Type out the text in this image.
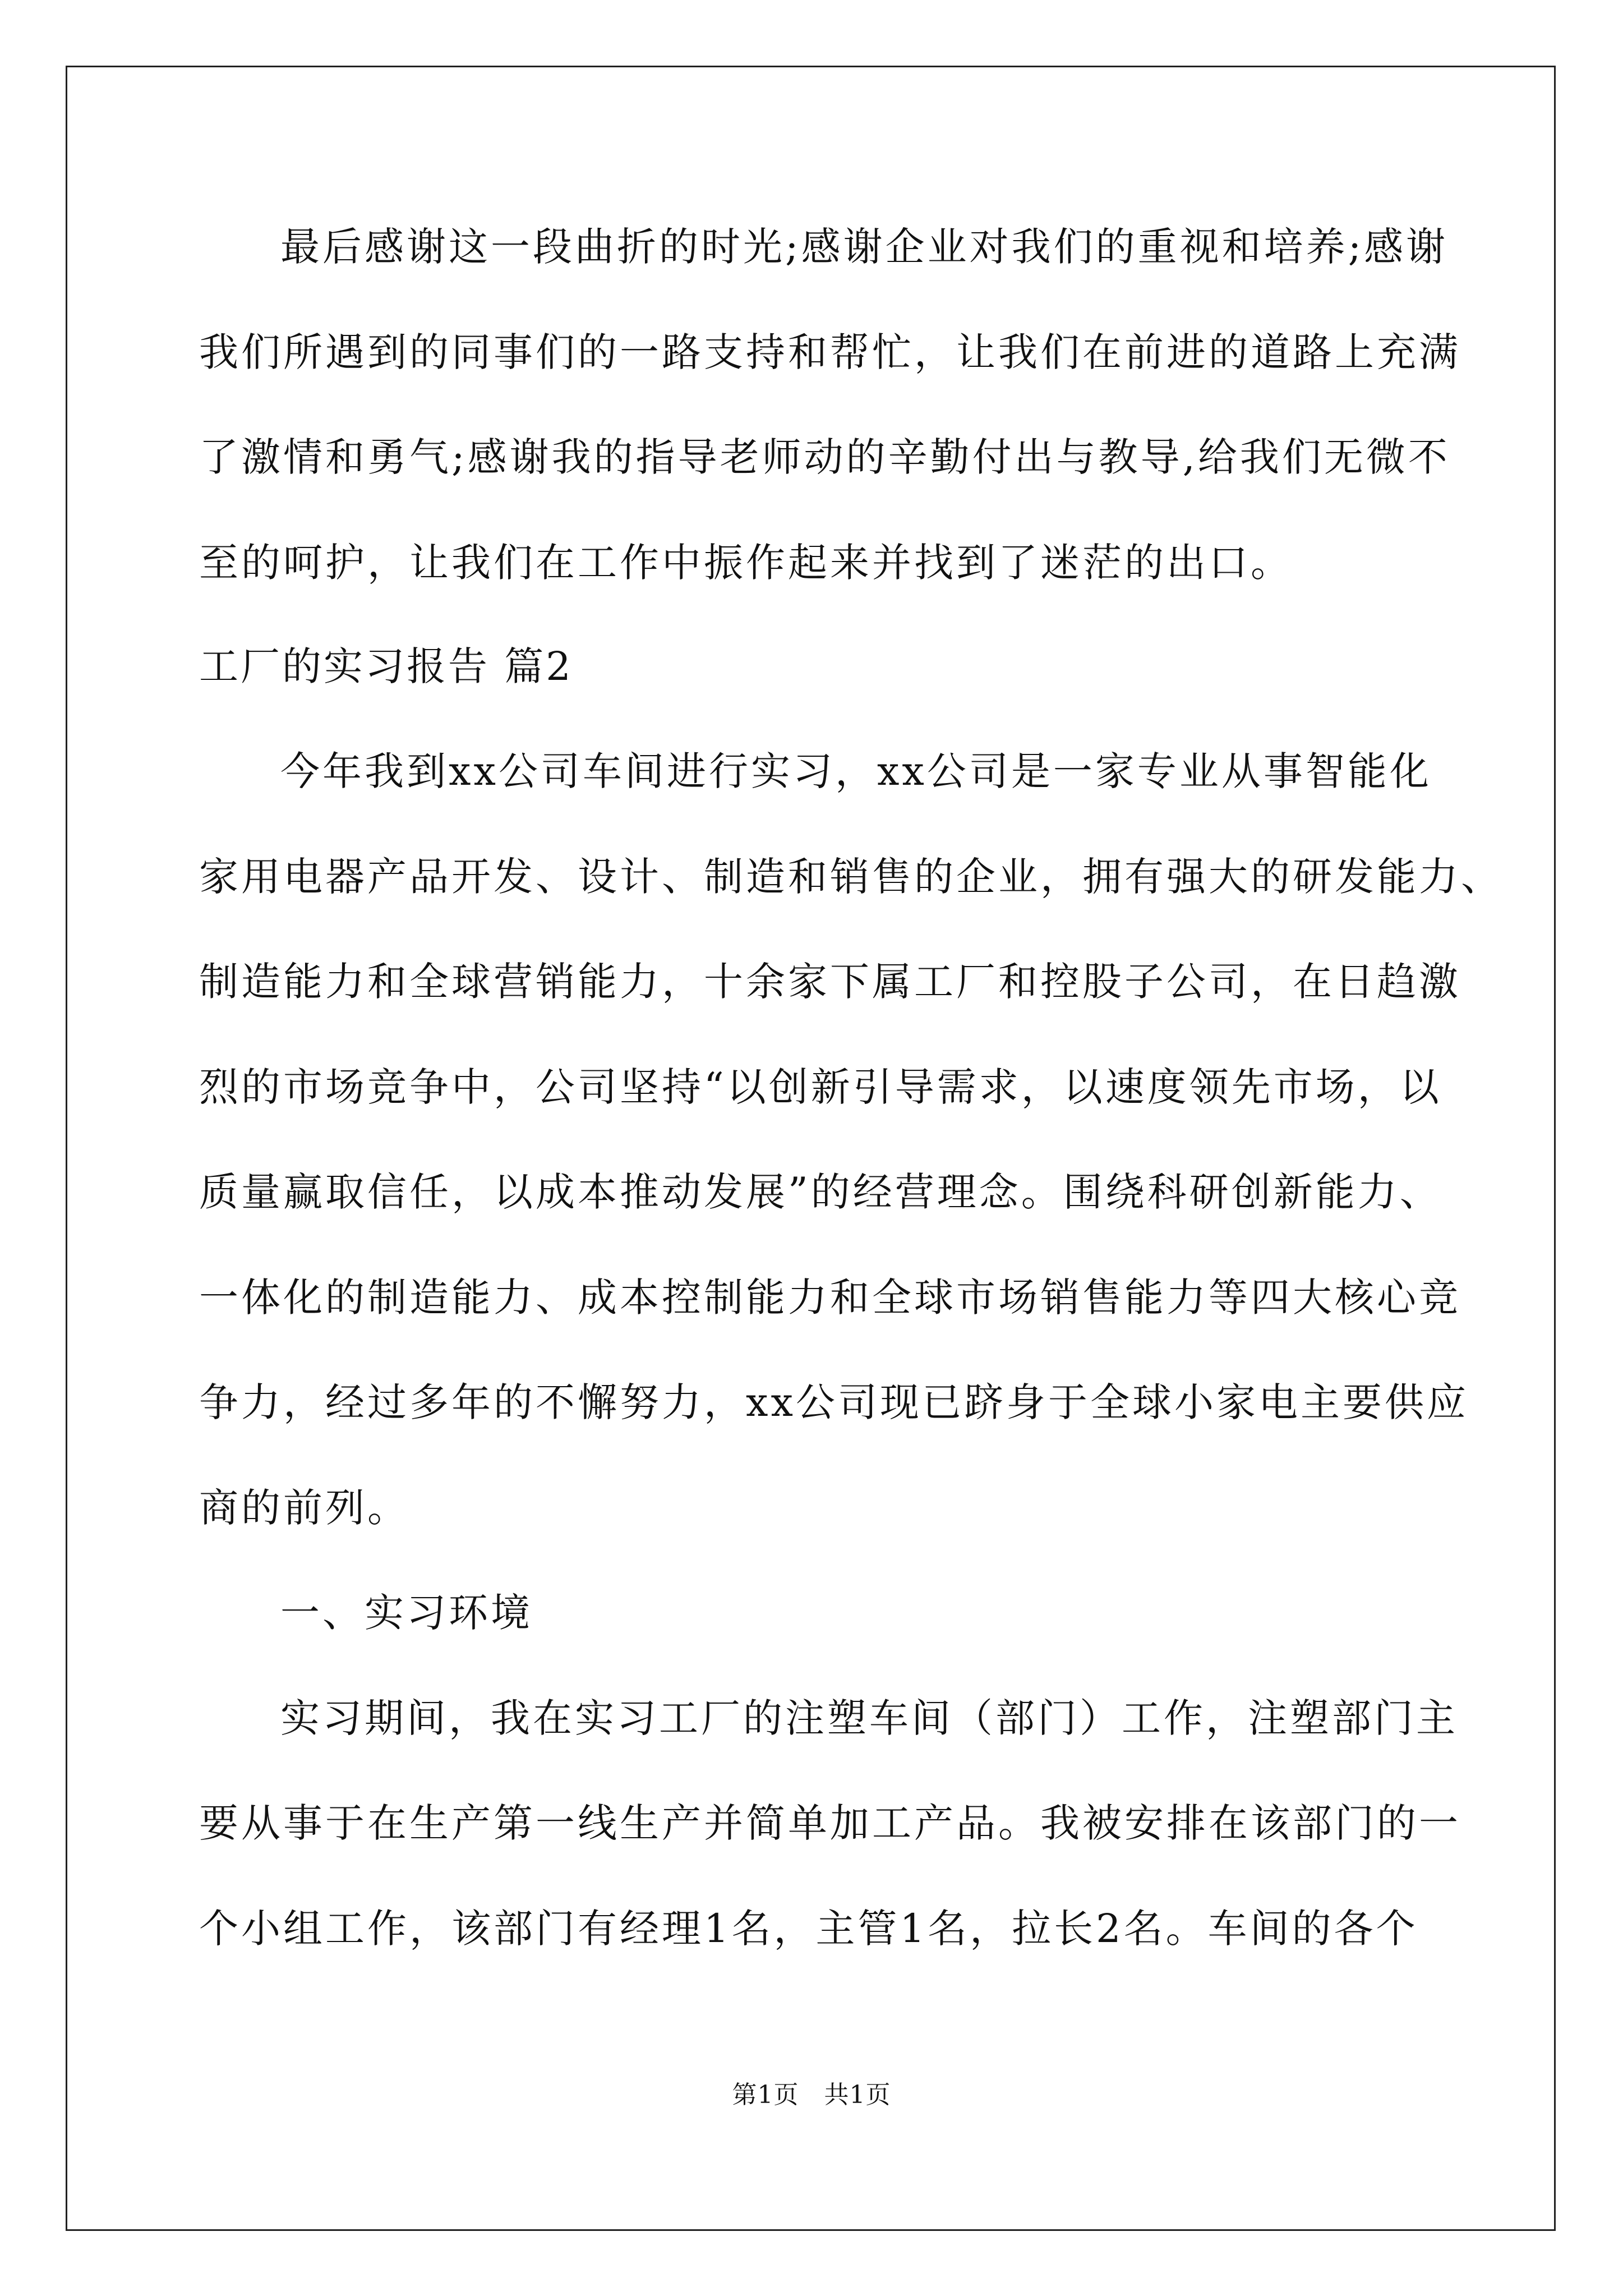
最后感谢这一段曲折的时光;感谢企业对我们的重视和培养;感谢
我们所遇到的同事们的一路支持和帮忙，让我们在前进的道路上充满
了激情和勇气;感谢我的指导老师动的辛勤付出与教导,给我们无微不
至的呵护，让我们在工作中振作起来并找到了迷茫的出口。
工厂的实习报告 篇2
今年我到xx公司车间进行实习，xx公司是一家专业从事智能化
家用电器产品开发、设计、制造和销售的企业，拥有强大的研发能力、
制造能力和全球营销能力，十余家下属工厂和控股子公司，在日趋激
烈的市场竞争中，公司坚持“以创新引导需求，以速度领先市场，以
质量赢取信任，以成本推动发展”的经营理念。围绕科研创新能力、
一体化的制造能力、成本控制能力和全球市场销售能力等四大核心竞
争力，经过多年的不懈努力，xx公司现已跻身于全球小家电主要供应
商的前列。
一、实习环境
实习期间，我在实习工厂的注塑车间（部门）工作，注塑部门主
要从事于在生产第一线生产并简单加工产品。我被安排在该部门的一
个小组工作，该部门有经理1名，主管1名，拉长2名。车间的各个
第1页　共1页
